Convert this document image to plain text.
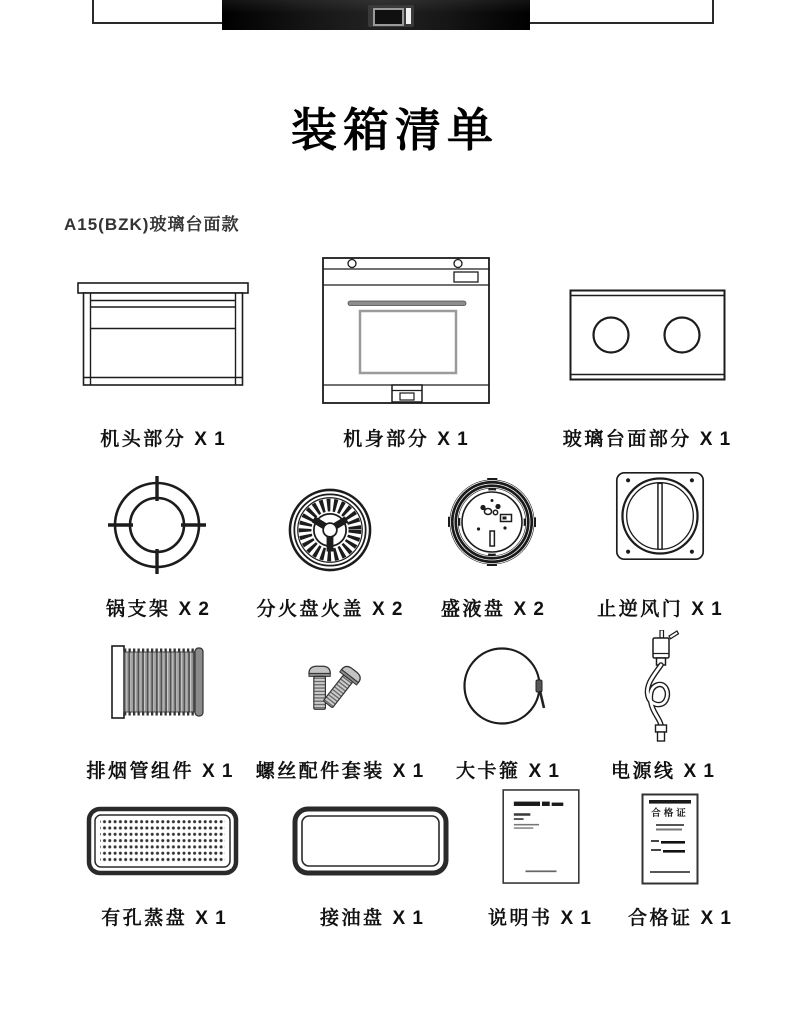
装箱清单
A15(BZK)玻璃台面款
合格证
机头部分 X 1	机身部分 X 1	玻璃台面部分 X 1
锅支架 X 2	分火盘火盖 X 2	盛液盘 X 2	止逆风门 X 1
排烟管组件 X 1	螺丝配件套装 X 1	大卡箍 X 1	电源线 X 1
有孔蒸盘 X 1	接油盘 X 1	说明书 X 1	合格证 X 1
